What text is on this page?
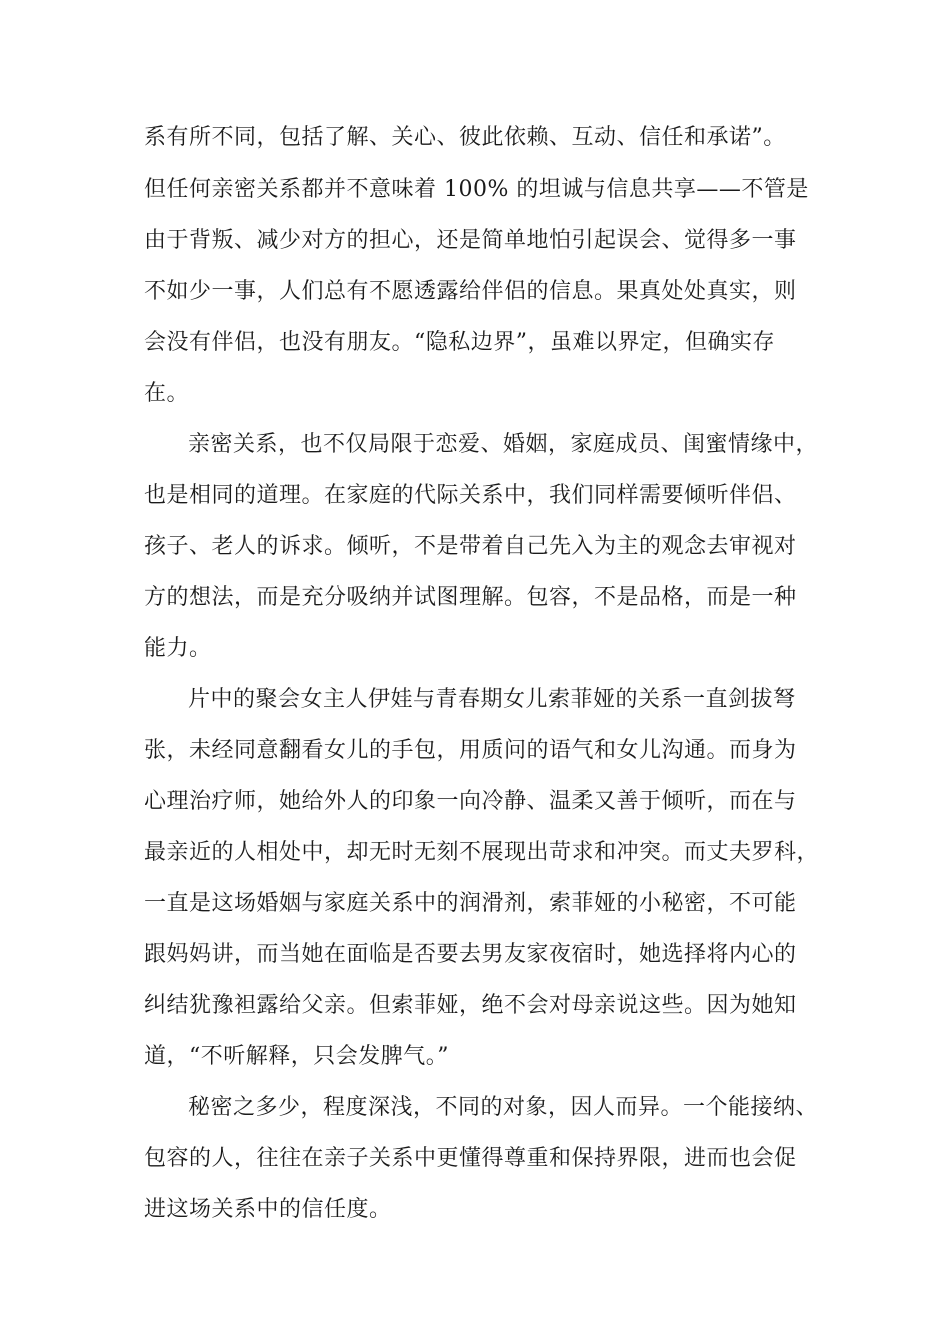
系有所不同，包括了解、关心、彼此依赖、互动、信任和承诺”。
但任何亲密关系都并不意味着 100% 的坦诚与信息共享——不管是
由于背叛、减少对方的担心，还是简单地怕引起误会、觉得多一事
不如少一事，人们总有不愿透露给伴侣的信息。果真处处真实，则
会没有伴侣，也没有朋友。“隐私边界”，虽难以界定，但确实存
在。
亲密关系，也不仅局限于恋爱、婚姻，家庭成员、闺蜜情缘中，
也是相同的道理。在家庭的代际关系中，我们同样需要倾听伴侣、
孩子、老人的诉求。倾听，不是带着自己先入为主的观念去审视对
方的想法，而是充分吸纳并试图理解。包容，不是品格，而是一种
能力。
片中的聚会女主人伊娃与青春期女儿索菲娅的关系一直剑拔弩
张，未经同意翻看女儿的手包，用质问的语气和女儿沟通。而身为
心理治疗师，她给外人的印象一向冷静、温柔又善于倾听，而在与
最亲近的人相处中，却无时无刻不展现出苛求和冲突。而丈夫罗科，
一直是这场婚姻与家庭关系中的润滑剂，索菲娅的小秘密，不可能
跟妈妈讲，而当她在面临是否要去男友家夜宿时，她选择将内心的
纠结犹豫袒露给父亲。但索菲娅，绝不会对母亲说这些。因为她知
道，“不听解释，只会发脾气。”
秘密之多少，程度深浅，不同的对象，因人而异。一个能接纳、
包容的人，往往在亲子关系中更懂得尊重和保持界限，进而也会促
进这场关系中的信任度。
